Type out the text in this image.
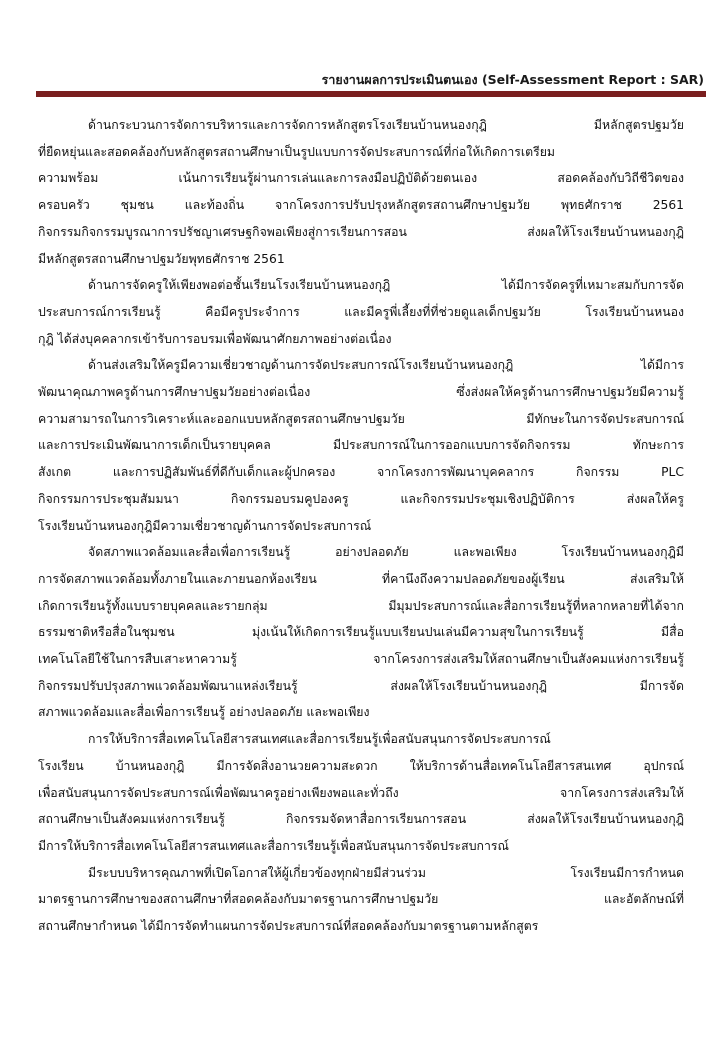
รายงานผลการประเมินตนเอง (Self-Assessment Report : SAR)
ด้านกระบวนการจัดการบริหารและการจัดการหลักสูตรโรงเรียนบ้านหนองกุฎิ มีหลักสูตรปฐมวัย
ที่ยืดหยุ่นและสอดคล้องกับหลักสูตรสถานศึกษาเป็นรูปแบบการจัดประสบการณ์ที่ก่อให้เกิดการเตรียม
ความพร้อม เน้นการเรียนรู้ผ่านการเล่นและการลงมือปฏิบัติด้วยตนเอง สอดคล้องกับวิถีชีวิตของ
ครอบครัว ชุมชน และท้องถิ่น จากโครงการปรับปรุงหลักสูตรสถานศึกษาปฐมวัย พุทธศักราช 2561
กิจกรรมกิจกรรมบูรณาการปรัชญาเศรษฐกิจพอเพียงสู่การเรียนการสอน ส่งผลให้โรงเรียนบ้านหนองกุฎิ
มีหลักสูตรสถานศึกษาปฐมวัยพุทธศักราช 2561
ด้านการจัดครูให้เพียงพอต่อชั้นเรียนโรงเรียนบ้านหนองกุฎิ ได้มีการจัดครูที่เหมาะสมกับการจัด
ประสบการณ์การเรียนรู้ คือมีครูประจำการ และมีครูพี่เลี้ยงที่ที่ช่วยดูแลเด็กปฐมวัย โรงเรียนบ้านหนอง
กุฎิ ได้ส่งบุคคลากรเข้ารับการอบรมเพื่อพัฒนาศักยภาพอย่างต่อเนื่อง
ด้านส่งเสริมให้ครูมีความเชี่ยวชาญด้านการจัดประสบการณ์โรงเรียนบ้านหนองกุฎิ ได้มีการ
พัฒนาคุณภาพครูด้านการศึกษาปฐมวัยอย่างต่อเนื่อง ซึ่งส่งผลให้ครูด้านการศึกษาปฐมวัยมีความรู้
ความสามารถในการวิเคราะห์และออกแบบหลักสูตรสถานศึกษาปฐมวัย มีทักษะในการจัดประสบการณ์
และการประเมินพัฒนาการเด็กเป็นรายบุคคล มีประสบการณ์ในการออกแบบการจัดกิจกรรม ทักษะการ
สังเกต และการปฏิสัมพันธ์ที่ดีกับเด็กและผู้ปกครอง จากโครงการพัฒนาบุคคลากร กิจกรรม PLC
กิจกรรมการประชุมสัมมนา กิจกรรมอบรมคูปองครู และกิจกรรมประชุมเชิงปฏิบัติการ ส่งผลให้ครู
โรงเรียนบ้านหนองกุฎิมีความเชี่ยวชาญด้านการจัดประสบการณ์
จัดสภาพแวดล้อมและสื่อเพื่อการเรียนรู้ อย่างปลอดภัย และพอเพียง โรงเรียนบ้านหนองกุฎิมี
การจัดสภาพแวดล้อมทั้งภายในและภายนอกห้องเรียน ที่คานึงถึงความปลอดภัยของผู้เรียน ส่งเสริมให้
เกิดการเรียนรู้ทั้งแบบรายบุคคลและรายกลุ่ม มีมุมประสบการณ์และสื่อการเรียนรู้ที่หลากหลายที่ได้จาก
ธรรมชาติหรือสื่อในชุมชน มุ่งเน้นให้เกิดการเรียนรู้แบบเรียนปนเล่นมีความสุขในการเรียนรู้ มีสื่อ
เทคโนโลยีใช้ในการสืบเสาะหาความรู้ จากโครงการส่งเสริมให้สถานศึกษาเป็นสังคมแห่งการเรียนรู้
กิจกรรมปรับปรุงสภาพแวดล้อมพัฒนาแหล่งเรียนรู้ ส่งผลให้โรงเรียนบ้านหนองกุฎิ มีการจัด
สภาพแวดล้อมและสื่อเพื่อการเรียนรู้ อย่างปลอดภัย และพอเพียง
การให้บริการสื่อเทคโนโลยีสารสนเทศและสื่อการเรียนรู้เพื่อสนับสนุนการจัดประสบการณ์
โรงเรียน บ้านหนองกุฎิ มีการจัดสิ่งอานวยความสะดวก ให้บริการด้านสื่อเทคโนโลยีสารสนเทศ อุปกรณ์
เพื่อสนับสนุนการจัดประสบการณ์เพื่อพัฒนาครูอย่างเพียงพอและทั่วถึง จากโครงการส่งเสริมให้
สถานศึกษาเป็นสังคมแห่งการเรียนรู้ กิจกรรมจัดหาสื่อการเรียนการสอน ส่งผลให้โรงเรียนบ้านหนองกุฎิ
มีการให้บริการสื่อเทคโนโลยีสารสนเทศและสื่อการเรียนรู้เพื่อสนับสนุนการจัดประสบการณ์
มีระบบบริหารคุณภาพที่เปิดโอกาสให้ผู้เกี่ยวข้องทุกฝ่ายมีส่วนร่วม โรงเรียนมีการกำหนด
มาตรฐานการศึกษาของสถานศึกษาที่สอดคล้องกับมาตรฐานการศึกษาปฐมวัย และอัตลักษณ์ที่
สถานศึกษากำหนด ได้มีการจัดทำแผนการจัดประสบการณ์ที่สอดคล้องกับมาตรฐานตามหลักสูตร
